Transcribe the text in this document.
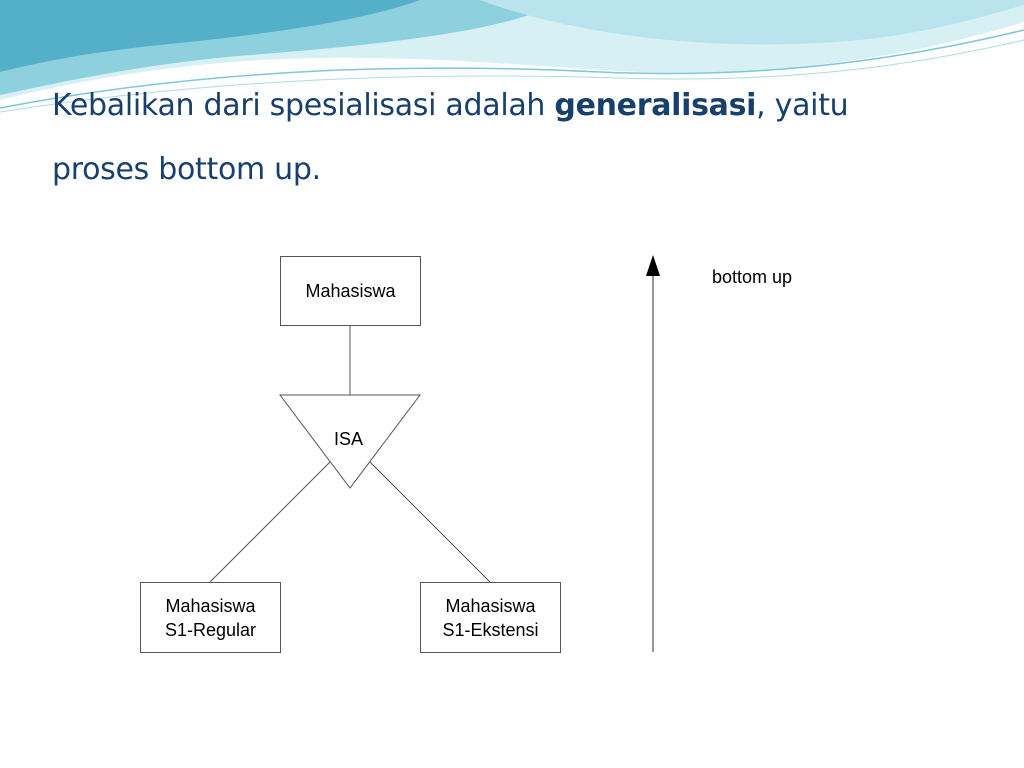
Kebalikan dari spesialisasi adalah generalisasi, yaitu proses bottom up.
Mahasiswa
ISA
Mahasiswa
S1-Regular
Mahasiswa
S1-Ekstensi
bottom up
